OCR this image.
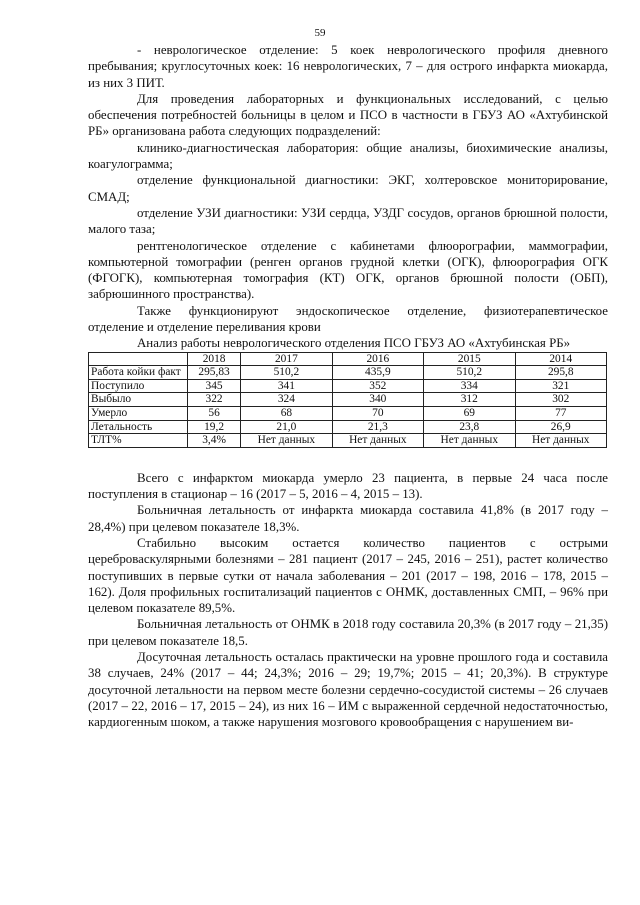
59

- неврологическое отделение: 5 коек неврологического профиля дневного пребывания; круглосуточных коек: 16 неврологических, 7 – для острого инфаркта миокарда, из них 3 ПИТ.

Для проведения лабораторных и функциональных исследований, с целью обеспечения потребностей больницы в целом и ПСО в частности в ГБУЗ АО «Ахтубинской РБ» организована работа следующих подразделений:

клинико-диагностическая лаборатория: общие анализы, биохимические анализы, коагулограмма;

отделение функциональной диагностики: ЭКГ, холтеровское мониторирование, СМАД;

отделение УЗИ диагностики: УЗИ сердца, УЗДГ сосудов, органов брюшной полости, малого таза;

рентгенологическое отделение с кабинетами флюорографии, маммографии, компьютерной томографии (ренген органов грудной клетки (ОГК), флюорография ОГК (ФГОГК), компьютерная томография (КТ) ОГК, органов брюшной полости (ОБП), забрюшинного пространства).

Также функционируют эндоскопическое отделение, физиотерапевтическое отделение и отделение переливания крови

Анализ работы неврологического отделения ПСО ГБУЗ АО «Ахтубинская РБ»

	2018	2017	2016	2015	2014
Работа койки факт	295,83	510,2	435,9	510,2	295,8
Поступило	345	341	352	334	321
Выбыло	322	324	340	312	302
Умерло	56	68	70	69	77
Летальность	19,2	21,0	21,3	23,8	26,9
ТЛТ%	3,4%	Нет данных	Нет данных	Нет данных	Нет данных

Всего с инфарктом миокарда умерло 23 пациента, в первые 24 часа после поступления в стационар – 16 (2017 – 5, 2016 – 4, 2015 – 13).

Больничная летальность от инфаркта миокарда составила 41,8% (в 2017 году – 28,4%) при целевом показателе 18,3%.

Стабильно высоким остается количество пациентов с острыми цереброваскулярными болезнями – 281 пациент (2017 – 245, 2016 – 251), растет количество поступивших в первые сутки от начала заболевания – 201 (2017 – 198, 2016 – 178, 2015 – 162). Доля профильных госпитализаций пациентов с ОНМК, доставленных СМП, – 96% при целевом показателе 89,5%.

Больничная летальность от ОНМК в 2018 году составила 20,3% (в 2017 году – 21,35) при целевом показателе 18,5.

Досуточная летальность осталась практически на уровне прошлого года и составила 38 случаев, 24% (2017 – 44; 24,3%; 2016 – 29; 19,7%; 2015 – 41; 20,3%). В структуре досуточной летальности на первом месте болезни сердечно-сосудистой системы – 26 случаев (2017 – 22, 2016 – 17, 2015 – 24), из них 16 – ИМ с выраженной сердечной недостаточностью, кардиогенным шоком, а также нарушения мозгового кровообращения с нарушением ви-
